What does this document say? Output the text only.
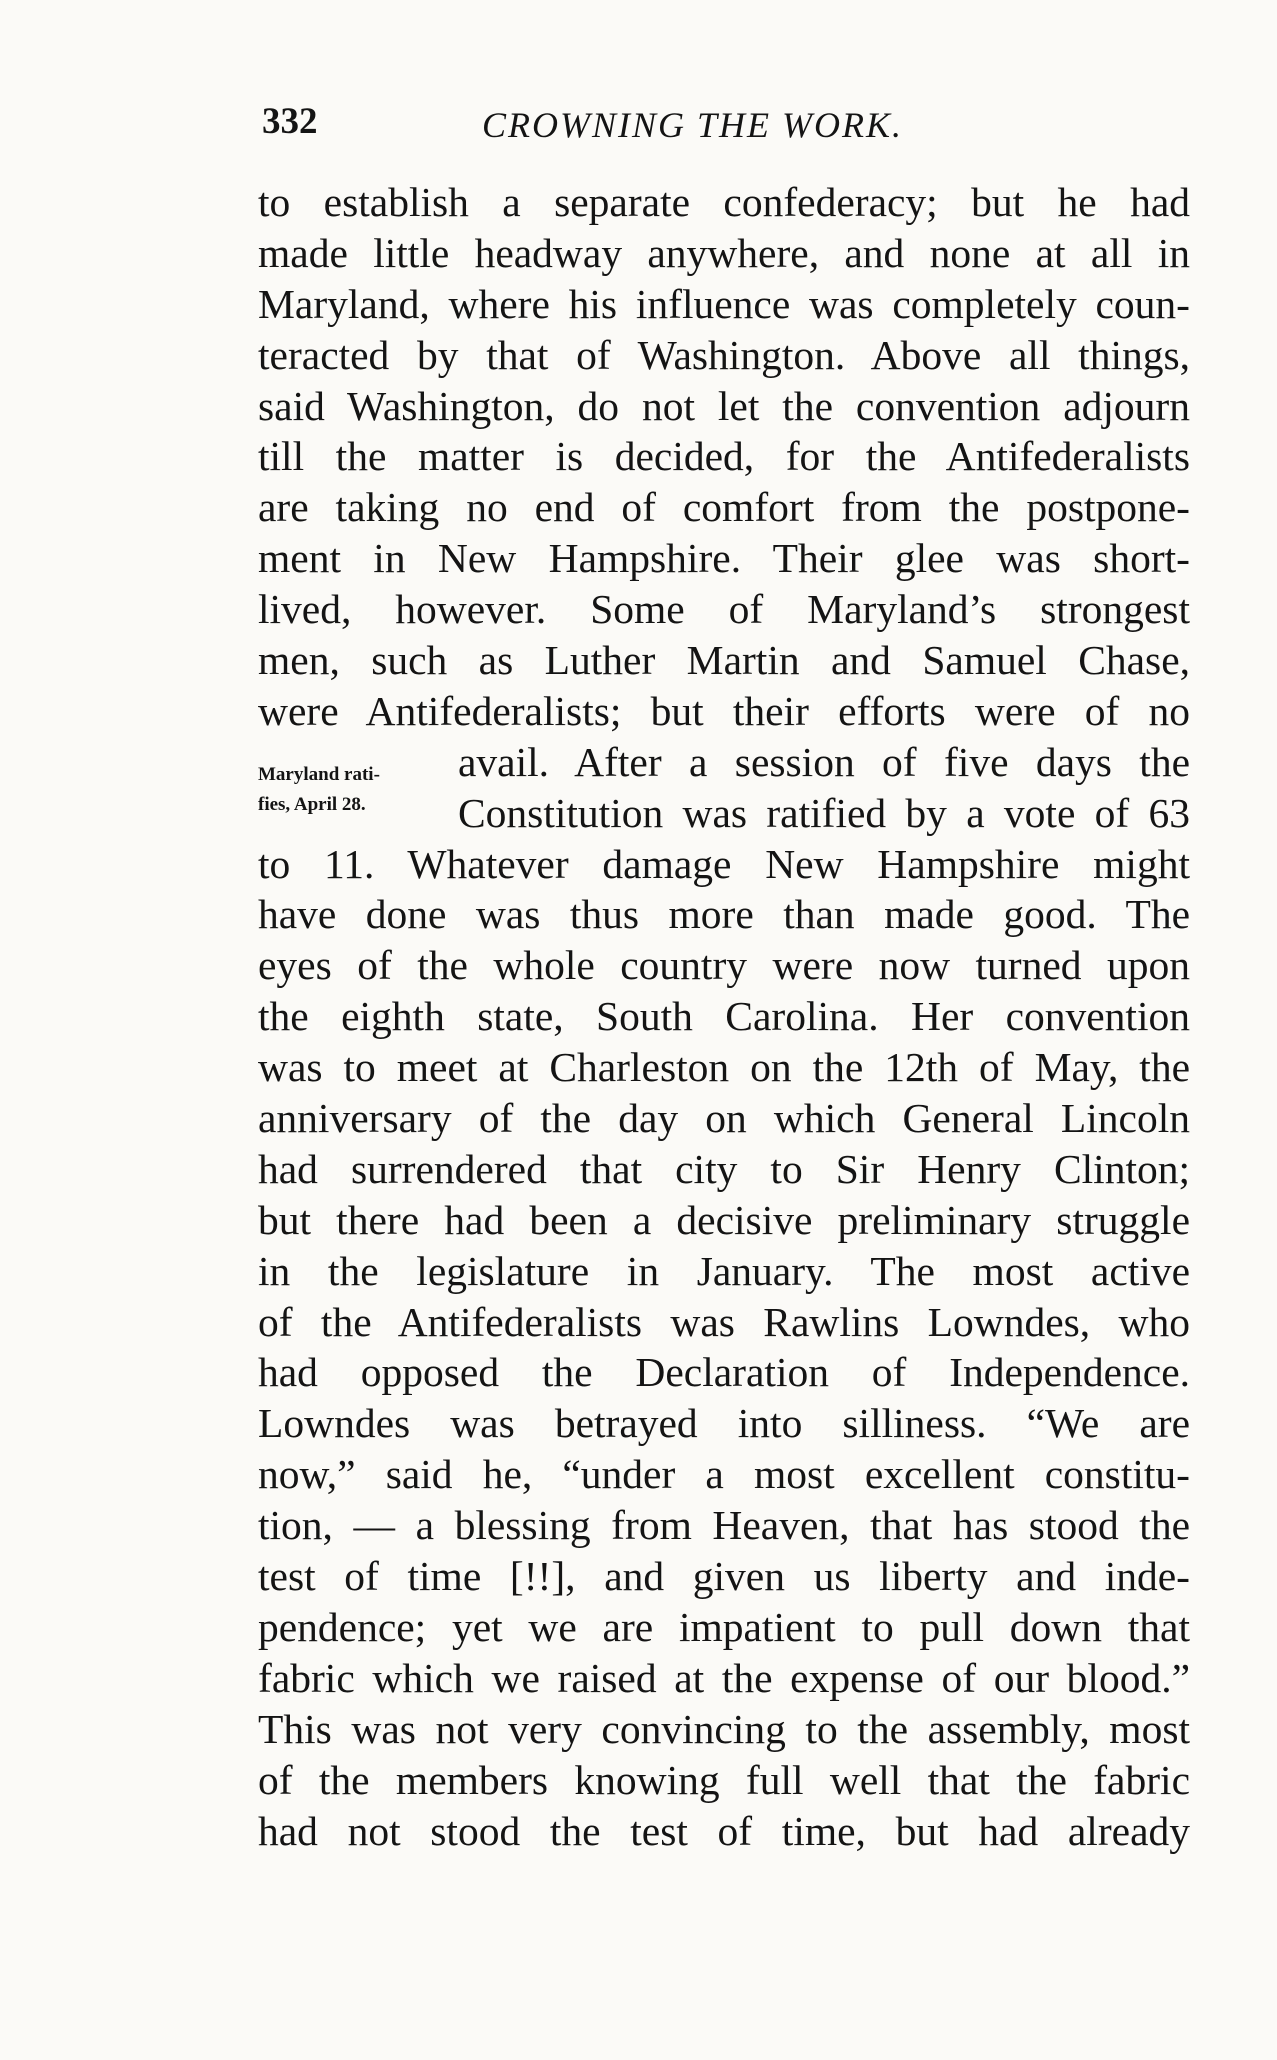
332	CROWNING THE WORK.
Maryland rati-
fies, April 28.
to establish a separate confederacy; but he had
made little headway anywhere, and none at all in
Maryland, where his influence was completely coun-
teracted by that of Washington. Above all things,
said Washington, do not let the convention adjourn
till the matter is decided, for the Antifederalists
are taking no end of comfort from the postpone-
ment in New Hampshire. Their glee was short-
lived, however. Some of Maryland’s strongest
men, such as Luther Martin and Samuel Chase,
were Antifederalists; but their efforts were of no
avail. After a session of five days the
Constitution was ratified by a vote of 63
to 11. Whatever damage New Hampshire might
have done was thus more than made good. The
eyes of the whole country were now turned upon
the eighth state, South Carolina. Her convention
was to meet at Charleston on the 12th of May, the
anniversary of the day on which General Lincoln
had surrendered that city to Sir Henry Clinton;
but there had been a decisive preliminary struggle
in the legislature in January. The most active
of the Antifederalists was Rawlins Lowndes, who
had opposed the Declaration of Independence.
Lowndes was betrayed into silliness. “We are
now,” said he, “under a most excellent constitu-
tion, — a blessing from Heaven, that has stood the
test of time [!!], and given us liberty and inde-
pendence; yet we are impatient to pull down that
fabric which we raised at the expense of our blood.”
This was not very convincing to the assembly, most
of the members knowing full well that the fabric
had not stood the test of time, but had already
